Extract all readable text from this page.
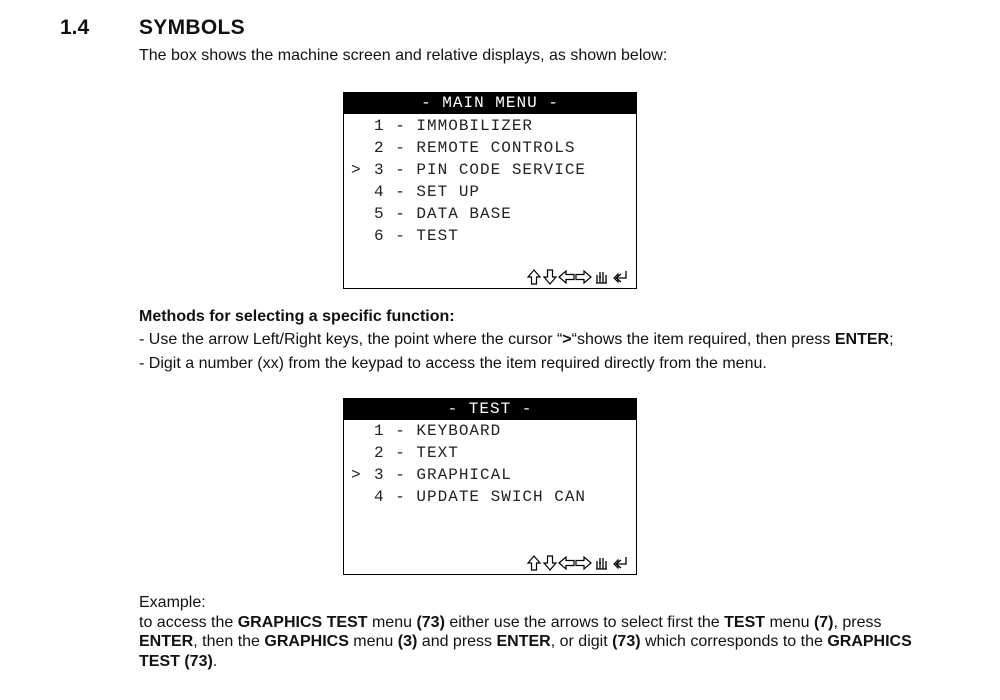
1.4 SYMBOLS
The box shows the machine screen and relative displays, as shown below:
- MAIN MENU -
1 - IMMOBILIZER
2 - REMOTE CONTROLS
> 3 - PIN CODE SERVICE
4 - SET UP
5 - DATA BASE
6 - TEST
Methods for selecting a specific function:
- Use the arrow Left/Right keys, the point where the cursor “>“shows the item required, then press ENTER;
- Digit a number (xx) from the keypad to access the item required directly from the menu.
- TEST -
1 - KEYBOARD
2 - TEXT
> 3 - GRAPHICAL
4 - UPDATE SWICH CAN
Example:
to access the GRAPHICS TEST menu (73) either use the arrows to select first the TEST menu (7), press ENTER, then the GRAPHICS menu (3) and press ENTER, or digit (73) which corresponds to the GRAPHICS TEST (73).
